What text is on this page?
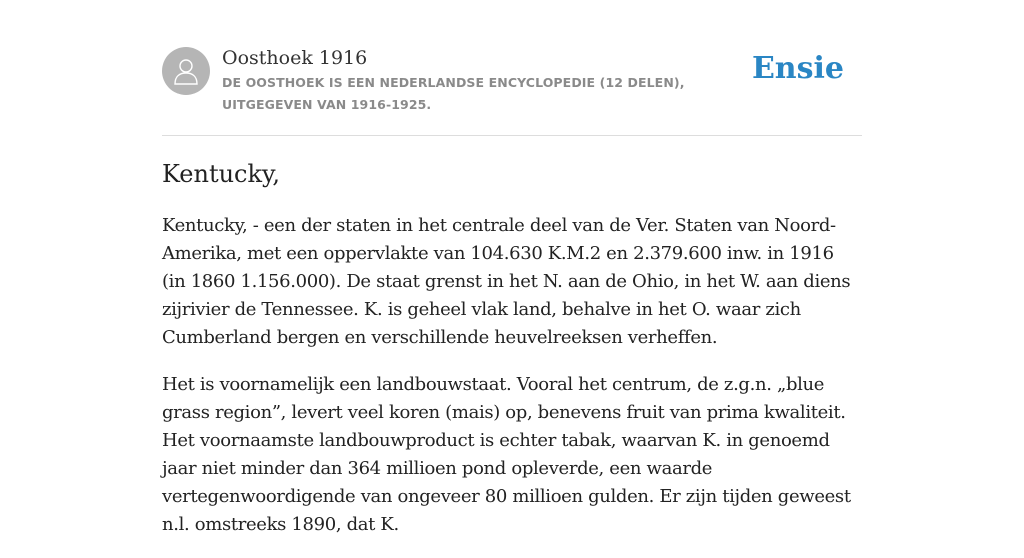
Oosthoek 1916
DE OOSTHOEK IS EEN NEDERLANDSE ENCYCLOPEDIE (12 DELEN), UITGEGEVEN VAN 1916-1925.
Ensie
Kentucky,

Kentucky, - een der staten in het centrale deel van de Ver. Staten van Noord-Amerika, met een oppervlakte van 104.630 K.M.2 en 2.379.600 inw. in 1916 (in 1860 1.156.000). De staat grenst in het N. aan de Ohio, in het W. aan diens zijrivier de Tennessee. K. is geheel vlak land, behalve in het O. waar zich Cumberland bergen en verschillende heuvelreeksen verheffen.

Het is voornamelijk een landbouwstaat. Vooral het centrum, de z.g.n. „blue grass region”, levert veel koren (mais) op, benevens fruit van prima kwaliteit. Het voornaamste landbouwproduct is echter tabak, waarvan K. in genoemd jaar niet minder dan 364 millioen pond opleverde, een waarde vertegenwoordigende van ongeveer 80 millioen gulden. Er zijn tijden geweest n.l. omstreeks 1890, dat K.
